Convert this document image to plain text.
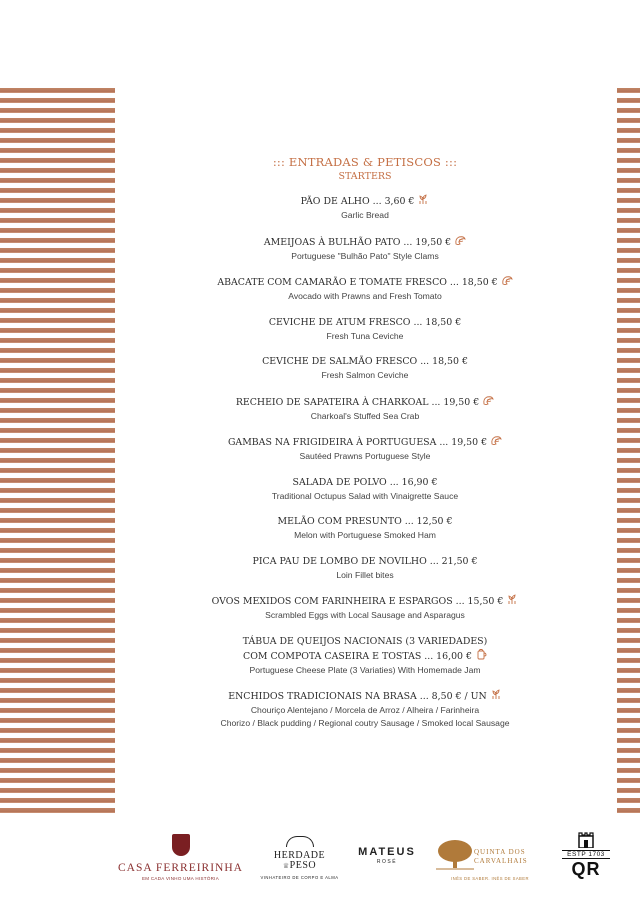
::: ENTRADAS & PETISCOS :::
STARTERS
PÃO DE ALHO ... 3,60 €
Garlic Bread
AMEIJOAS À BULHÃO PATO ... 19,50 €
Portuguese "Bulhão Pato" Style Clams
ABACATE COM CAMARÃO E TOMATE FRESCO ... 18,50 €
Avocado with Prawns and Fresh Tomato
CEVICHE DE ATUM FRESCO ... 18,50 €
Fresh Tuna Ceviche
CEVICHE DE SALMÃO FRESCO ... 18,50 €
Fresh Salmon Ceviche
RECHEIO DE SAPATEIRA À CHARKOAL ... 19,50 €
Charkoal's Stuffed Sea Crab
GAMBAS NA FRIGIDEIRA À PORTUGUESA ... 19,50 €
Sautéed Prawns Portuguese Style
SALADA DE POLVO ... 16,90 €
Traditional Octupus Salad with Vinaigrette Sauce
MELÃO COM PRESUNTO ... 12,50 €
Melon with Portuguese Smoked Ham
PICA PAU DE LOMBO DE NOVILHO ... 21,50 €
Loin Fillet bites
OVOS MEXIDOS COM FARINHEIRA E ESPARGOS ... 15,50 €
Scrambled Eggs with Local Sausage and Asparagus
TÁBUA DE QUEIJOS NACIONAIS (3 VARIEDADES)
COM COMPOTA CASEIRA E TOSTAS ... 16,00 €
Portuguese Cheese Plate (3 Variaties) With Homemade Jam
ENCHIDOS TRADICIONAIS NA BRASA ... 8,50 € / UN
Chouriço Alentejano / Morcela de Arroz / Alheira / Farinheira
Chorizo / Black pudding / Regional coutry Sausage / Smoked local Sausage
CASA FERREIRINHA
EM CADA VINHO UMA HISTÓRIA
HERDADE
♕PESO
VINHATEIRO DE CORPO E ALMA
MATEUS
ROSÉ
QUINTA DOS CARVALHAIS
INÊS DE SABER. INÊS DE SABER
ESTP 1703
QR
